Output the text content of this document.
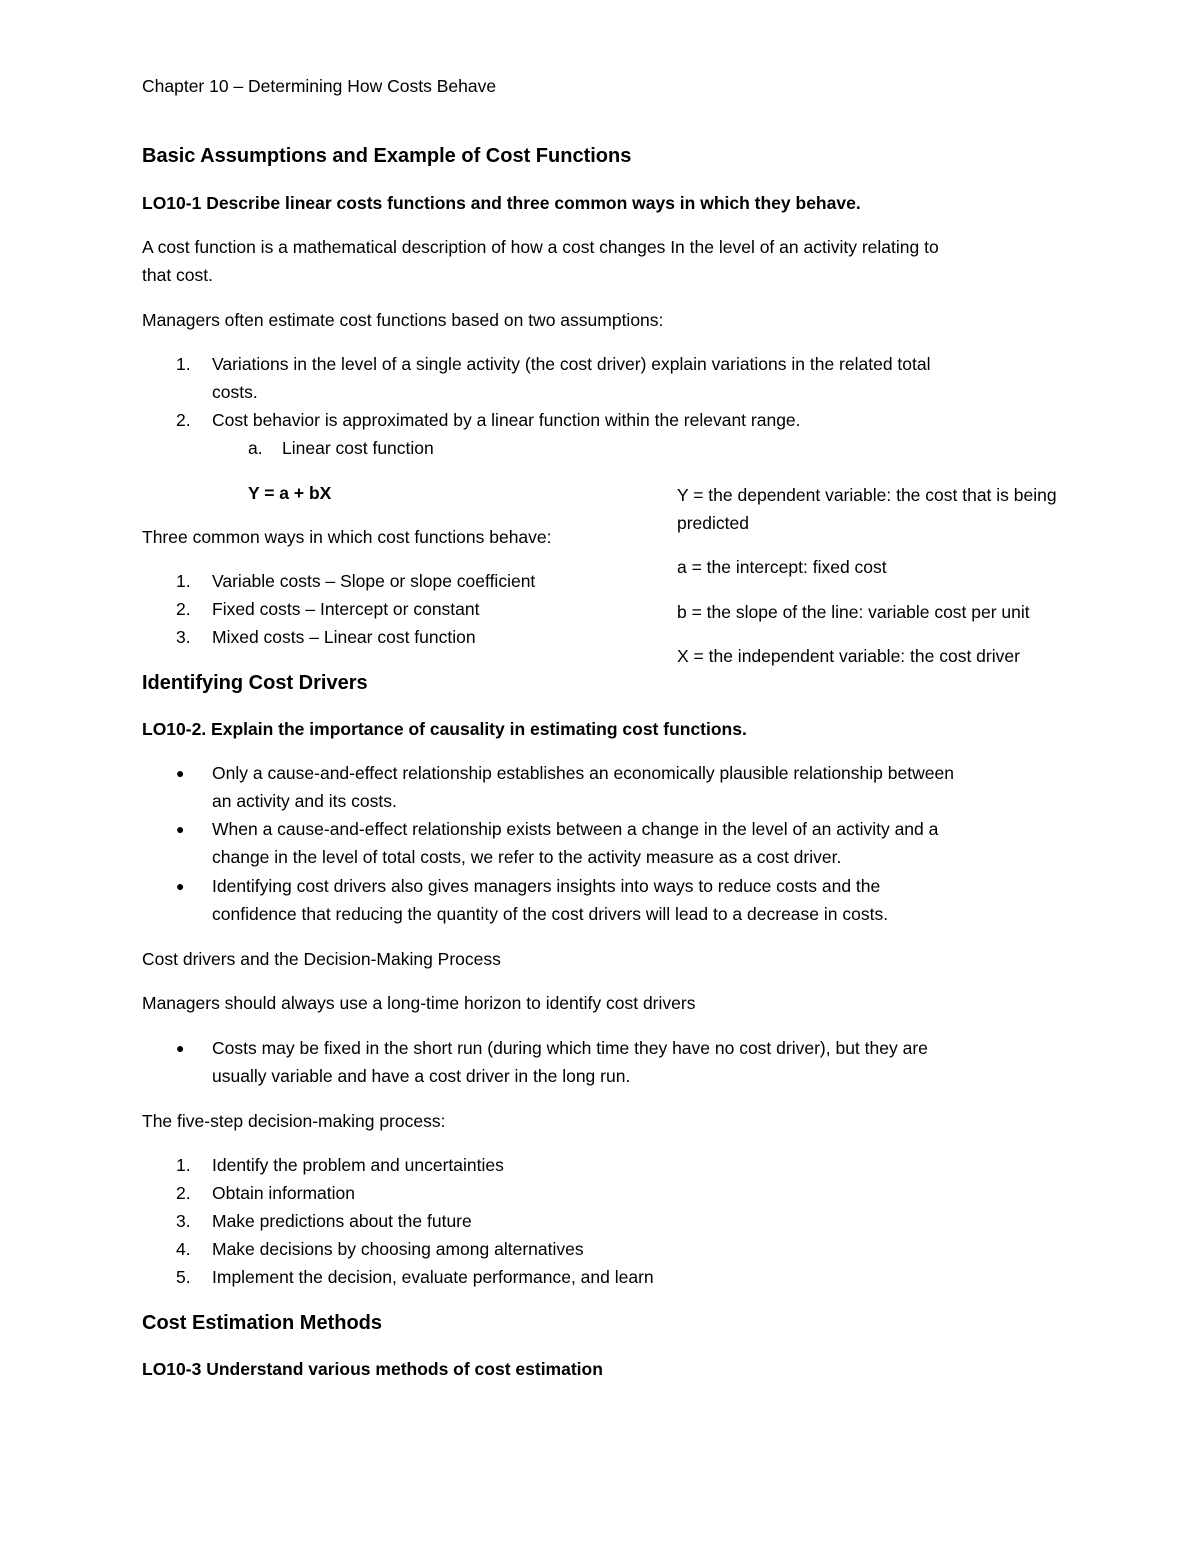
Chapter 10 – Determining How Costs Behave
Basic Assumptions and Example of Cost Functions
LO10-1 Describe linear costs functions and three common ways in which they behave.
A cost function is a mathematical description of how a cost changes In the level of an activity relating to
that cost.
Managers often estimate cost functions based on two assumptions:
1.	Variations in the level of a single activity (the cost driver) explain variations in the related total
costs.
2.	Cost behavior is approximated by a linear function within the relevant range.
a. Linear cost function
Y = a + bX	Y = the dependent variable: the cost that is being
predicted
a = the intercept: fixed cost
b = the slope of the line: variable cost per unit
X = the independent variable: the cost driver
Three common ways in which cost functions behave:
1. Variable costs – Slope or slope coefficient
2. Fixed costs – Intercept or constant
3. Mixed costs – Linear cost function
Identifying Cost Drivers
LO10-2. Explain the importance of causality in estimating cost functions.
●	Only a cause-and-effect relationship establishes an economically plausible relationship between
an activity and its costs.
●	When a cause-and-effect relationship exists between a change in the level of an activity and a
change in the level of total costs, we refer to the activity measure as a cost driver.
●	Identifying cost drivers also gives managers insights into ways to reduce costs and the
confidence that reducing the quantity of the cost drivers will lead to a decrease in costs.
Cost drivers and the Decision-Making Process
Managers should always use a long-time horizon to identify cost drivers
●	Costs may be fixed in the short run (during which time they have no cost driver), but they are
usually variable and have a cost driver in the long run.
The five-step decision-making process:
1. Identify the problem and uncertainties
2. Obtain information
3. Make predictions about the future
4. Make decisions by choosing among alternatives
5. Implement the decision, evaluate performance, and learn
Cost Estimation Methods
LO10-3 Understand various methods of cost estimation
